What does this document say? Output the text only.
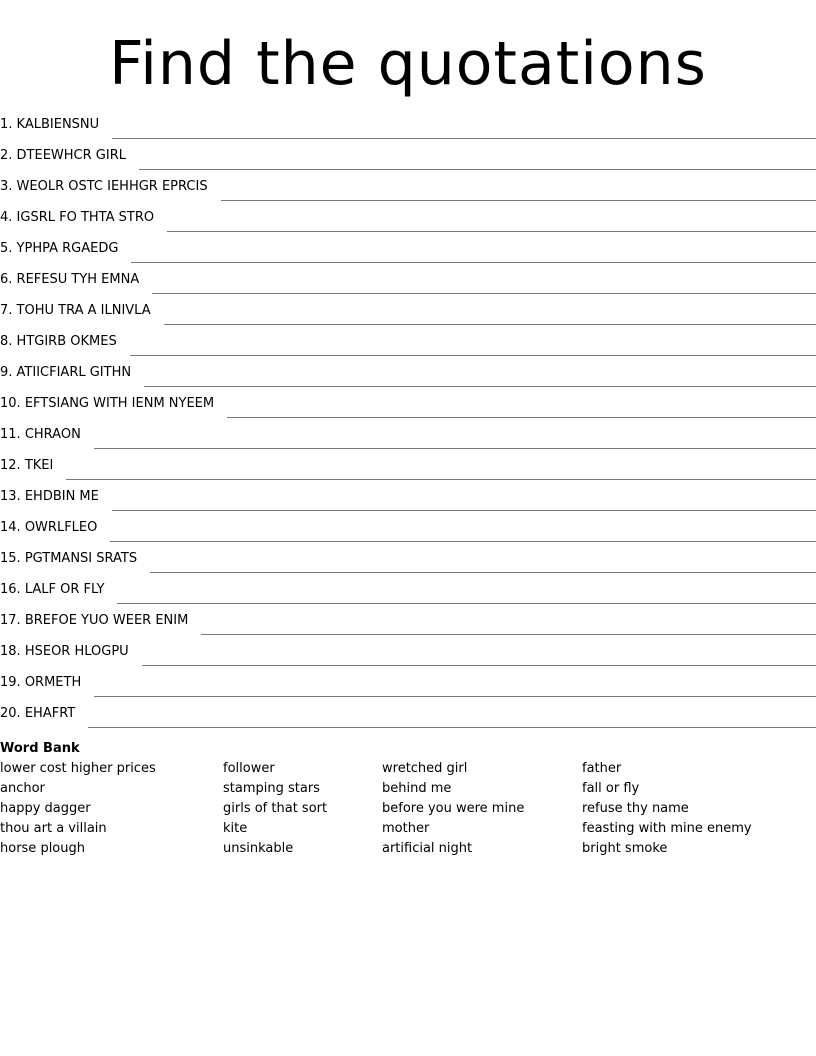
Find the quotations
1. KALBIENSNU
2. DTEEWHCR GIRL
3. WEOLR OSTC IEHHGR EPRCIS
4. IGSRL FO THTA STRO
5. YPHPA RGAEDG
6. REFESU TYH EMNA
7. TOHU TRA A ILNIVLA
8. HTGIRB OKMES
9. ATIICFIARL GITHN
10. EFTSIANG WITH IENM NYEEM
11. CHRAON
12. TKEI
13. EHDBIN ME
14. OWRLFLEO
15. PGTMANSI SRATS
16. LALF OR FLY
17. BREFOE YUO WEER ENIM
18. HSEOR HLOGPU
19. ORMETH
20. EHAFRT
Word Bank
lower cost higher prices
anchor
happy dagger
thou art a villain
horse plough
follower
stamping stars
girls of that sort
kite
unsinkable
wretched girl
behind me
before you were mine
mother
artificial night
father
fall or fly
refuse thy name
feasting with mine enemy
bright smoke
